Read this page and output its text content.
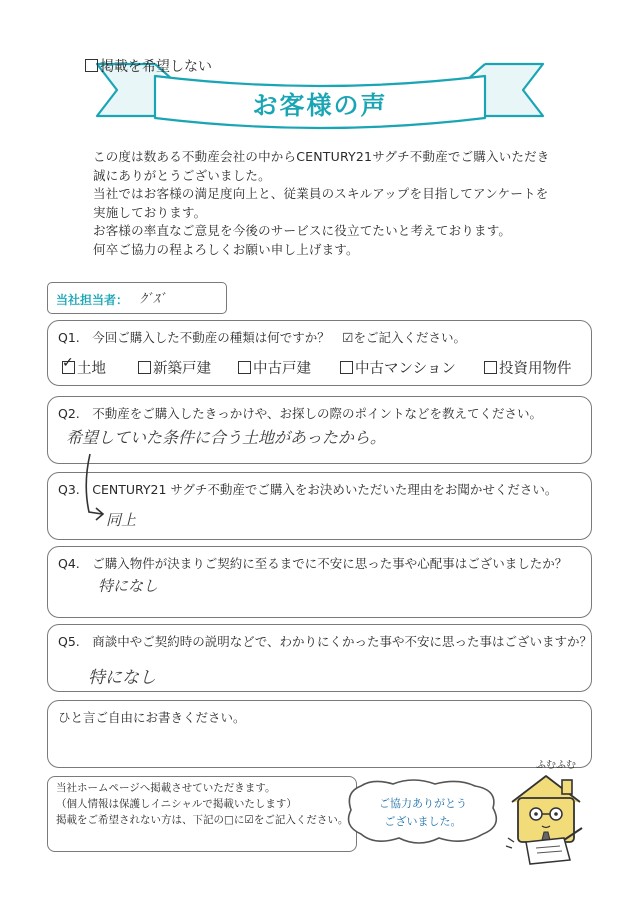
お客様の声
この度は数ある不動産会社の中からCENTURY21サグチ不動産でご購入いただき
誠にありがとうございました。
当社ではお客様の満足度向上と、従業員のスキルアップを目指してアンケートを
実施しております。
お客様の率直なご意見を今後のサービスに役立てたいと考えております。
何卒ご協力の程よろしくお願い申し上げます。
当社担当者： ｸﾞｽﾞ
Q1.　今回ご購入した不動産の種類は何ですか？　☑をご記入ください。
✓土地	新築戸建	中古戸建	中古マンション	投資用物件
Q2.　不動産をご購入したきっかけや、お探しの際のポイントなどを教えてください。
希望していた条件に合う土地があったから。
Q3.　CENTURY21 サグチ不動産でご購入をお決めいただいた理由をお聞かせください。
同上
Q4.　ご購入物件が決まりご契約に至るまでに不安に思った事や心配事はございましたか？
特になし
Q5.　商談中やご契約時の説明などで、わかりにくかった事や不安に思った事はございますか？
特になし
ひと言ご自由にお書きください。
当社ホームページへ掲載させていただきます。
（個人情報は保護しイニシャルで掲載いたします）
掲載をご希望されない方は、下記の□に☑をご記入ください。
掲載を希望しない
ご協力ありがとう
ございました。
ふむふむ
